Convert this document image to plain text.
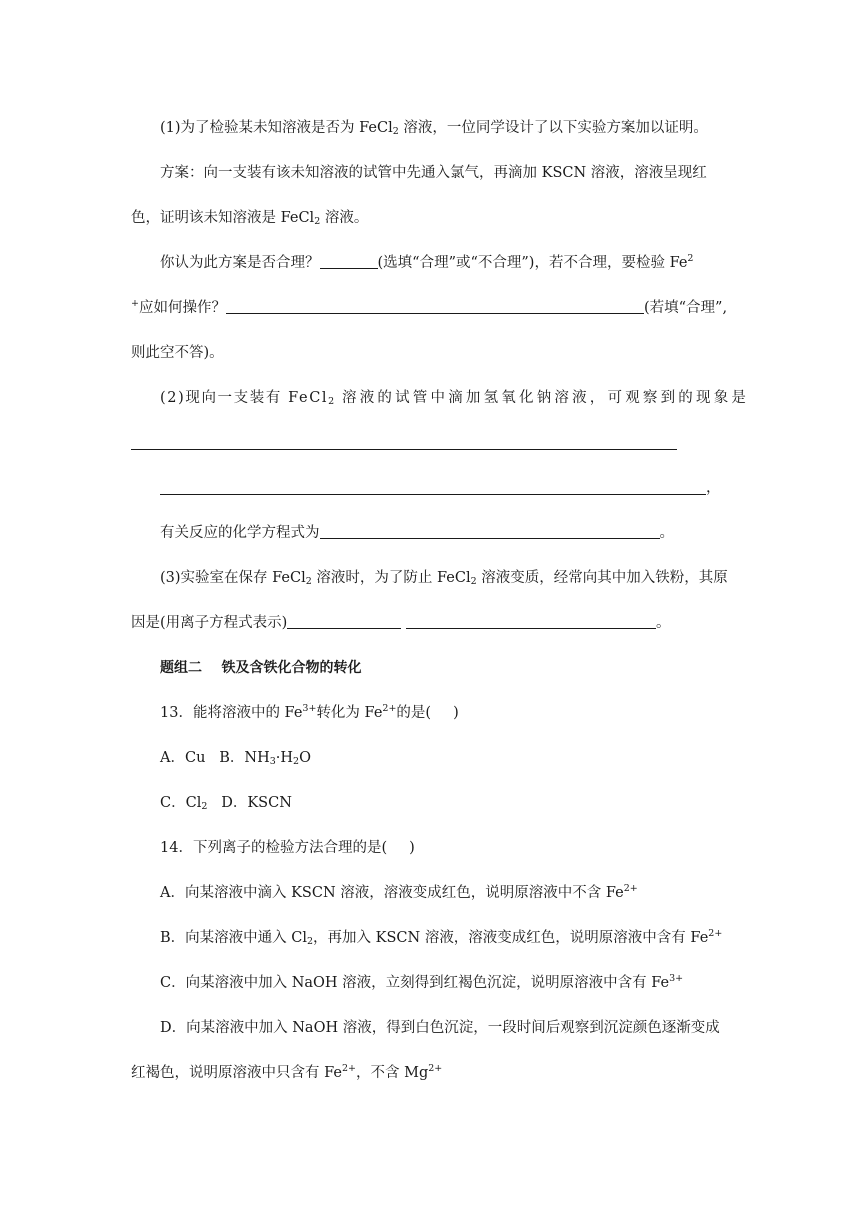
(1)为了检验某未知溶液是否为 FeCl$_2$ 溶液，一位同学设计了以下实验方案加以证明。
方案：向一支装有该未知溶液的试管中先通入氯气，再滴加 KSCN 溶液，溶液呈现红
色，证明该未知溶液是 FeCl$_2$ 溶液。
你认为此方案是否合理？	(选填“合理”或“不合理”)，若不合理，要检验 Fe$^2$
+应如何操作？	(若填“合理”,
则此空不答)。
(2)现向一支装有 FeCl$_2$ 溶液的试管中滴加氢氧化钠溶液，可观察到的现象是
，
有关反应的化学方程式为	。
(3)实验室在保存 FeCl$_2$ 溶液时，为了防止 FeCl$_2$ 溶液变质，经常向其中加入铁粉，其原
因是(用离子方程式表示)	。
题组二    铁及含铁化合物的转化
13．能将溶液中的 $Fe^{3+}$转化为 $Fe^{2+}$的是( )
A．Cu B．$NH_3\cdot H_2O$
C．$Cl_2$ D．KSCN
14．下列离子的检验方法合理的是( )
A．向某溶液中滴入 KSCN 溶液，溶液变成红色，说明原溶液中不含 $Fe^{2+}$
B．向某溶液中通入 $Cl_2$，再加入 KSCN 溶液，溶液变成红色，说明原溶液中含有 $Fe^{2+}$
C．向某溶液中加入 NaOH 溶液，立刻得到红褐色沉淀，说明原溶液中含有 $Fe^{3+}$
D．向某溶液中加入 NaOH 溶液，得到白色沉淀，一段时间后观察到沉淀颜色逐渐变成
红褐色，说明原溶液中只含有 $Fe^{2+}$，不含 $Mg^{2+}$
